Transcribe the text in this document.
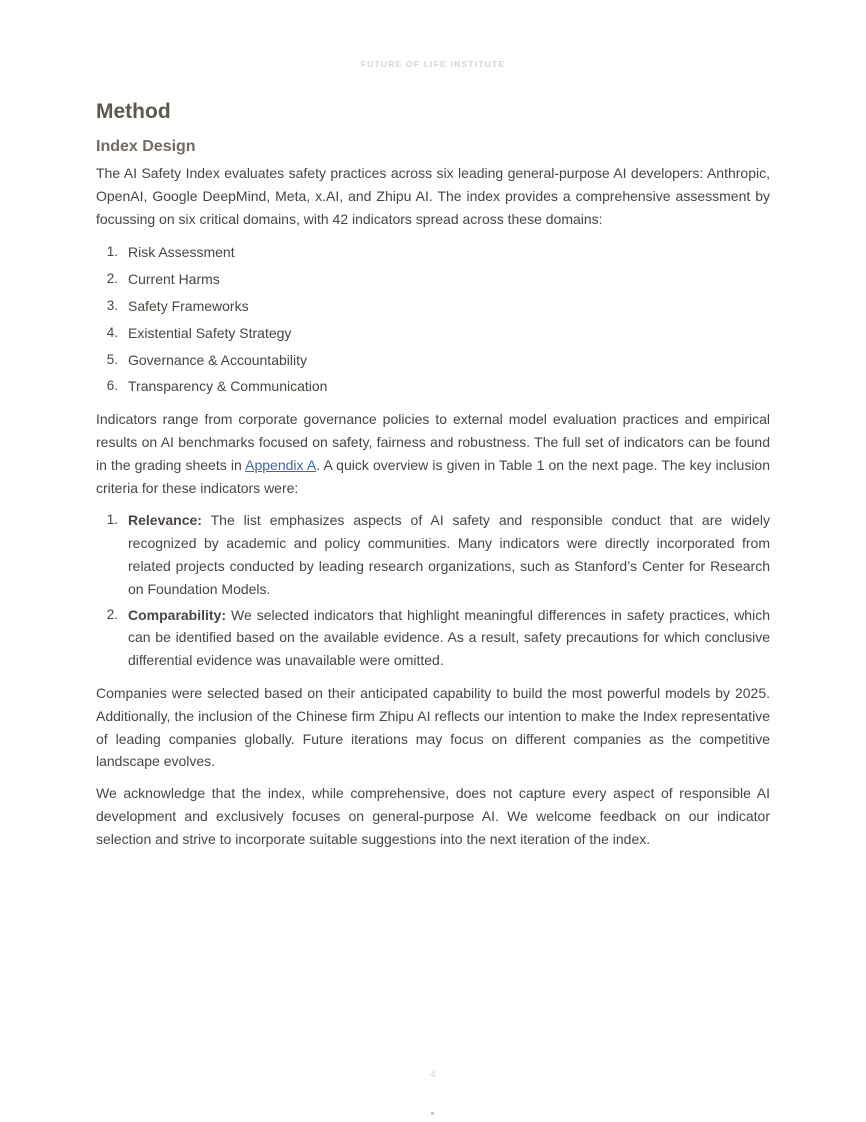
FUTURE OF LIFE INSTITUTE
Method
Index Design

The AI Safety Index evaluates safety practices across six leading general-purpose AI developers: Anthropic, OpenAI, Google DeepMind, Meta, x.AI, and Zhipu AI. The index provides a comprehensive assessment by focussing on six critical domains, with 42 indicators spread across these domains:

1. Risk Assessment
2. Current Harms
3. Safety Frameworks
4. Existential Safety Strategy
5. Governance & Accountability
6. Transparency & Communication

Indicators range from corporate governance policies to external model evaluation practices and empirical results on AI benchmarks focused on safety, fairness and robustness. The full set of indicators can be found in the grading sheets in Appendix A. A quick overview is given in Table 1 on the next page. The key inclusion criteria for these indicators were:

1. Relevance: The list emphasizes aspects of AI safety and responsible conduct that are widely recognized by academic and policy communities. Many indicators were directly incorporated from related projects conducted by leading research organizations, such as Stanford’s Center for Research on Foundation Models.
2. Comparability: We selected indicators that highlight meaningful differences in safety practices, which can be identified based on the available evidence. As a result, safety precautions for which conclusive differential evidence was unavailable were omitted.

Companies were selected based on their anticipated capability to build the most powerful models by 2025. Additionally, the inclusion of the Chinese firm Zhipu AI reflects our intention to make the Index representative of leading companies globally. Future iterations may focus on different companies as the competitive landscape evolves.

We acknowledge that the index, while comprehensive, does not capture every aspect of responsible AI development and exclusively focuses on general-purpose AI. We welcome feedback on our indicator selection and strive to incorporate suitable suggestions into the next iteration of the index.

4
